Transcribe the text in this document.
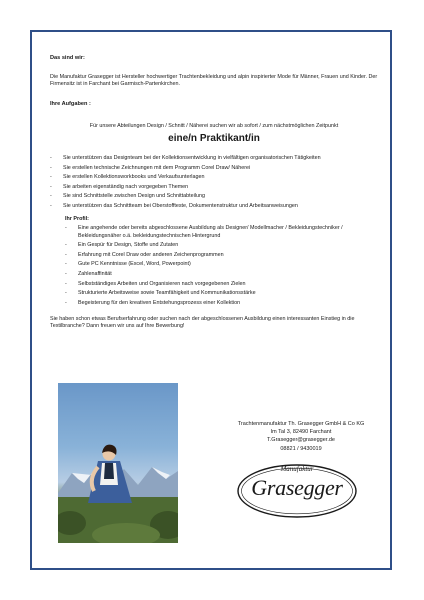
Das sind wir:

Die Manufaktur Grasegger ist Hersteller hochwertiger Trachtenbekleidung und alpin inspirierter Mode für Männer, Frauen und Kinder. Der Firmensitz ist in Farchant bei Garmisch-Partenkirchen.

Ihre Aufgaben :

Für unsere Abteilungen Design / Schnitt / Näherei suchen wir ab sofort / zum nächstmöglichen Zeitpunkt

eine/n Praktikant/in

- Sie unterstützen das Designteam bei der Kollektionsentwicklung in vielfältigen organisatorischen Tätigkeiten
- Sie erstellen technische Zeichnungen mit dem Programm Corel Draw/ Näherei
- Sie erstellen Kollektionsworkbooks und Verkaufsunterlagen
- Sie arbeiten eigenständig nach vorgegeben Themen
- Sie sind Schnittstelle zwischen Design und Schnittabteilung
- Sie unterstützen das Schnittteam bei Oberstoffteste, Dokumentenstruktur und Arbeitsanweisungen

Ihr Profil:

- Eine angehende oder bereits abgeschlossene Ausbildung als Designer/ Modellmacher / Bekleidungstechniker / Bekleidungsnäher o.ä. bekleidungstechnischen Hintergrund
- Ein Gespür für Design, Stoffe und Zutaten
- Erfahrung mit Corel Draw oder anderen Zeichenprogrammen
- Gute PC Kenntnisse (Excel, Word, Powerpoint)
- Zahlenaffinität
- Selbstständiges Arbeiten und Organisieren nach vorgegebenen Zielen
- Strukturierte Arbeitsweise sowie Teamfähigkeit und Kommunikationsstärke
- Begeisterung für den kreativen Entstehungsprozess einer Kollektion

Sie haben schon etwas Berufserfahrung oder suchen nach der abgeschlossenen Ausbildung einen interessanten Einstieg in die Textilbranche? Dann freuen wir uns auf Ihre Bewerbung!

Trachtenmanufaktur Th. Grasegger GmbH & Co KG
Im Tal 3, 82490 Farchant
T.Grasegger@grasegger.de
08821 / 9430019
Manufaktur
Grasegger
